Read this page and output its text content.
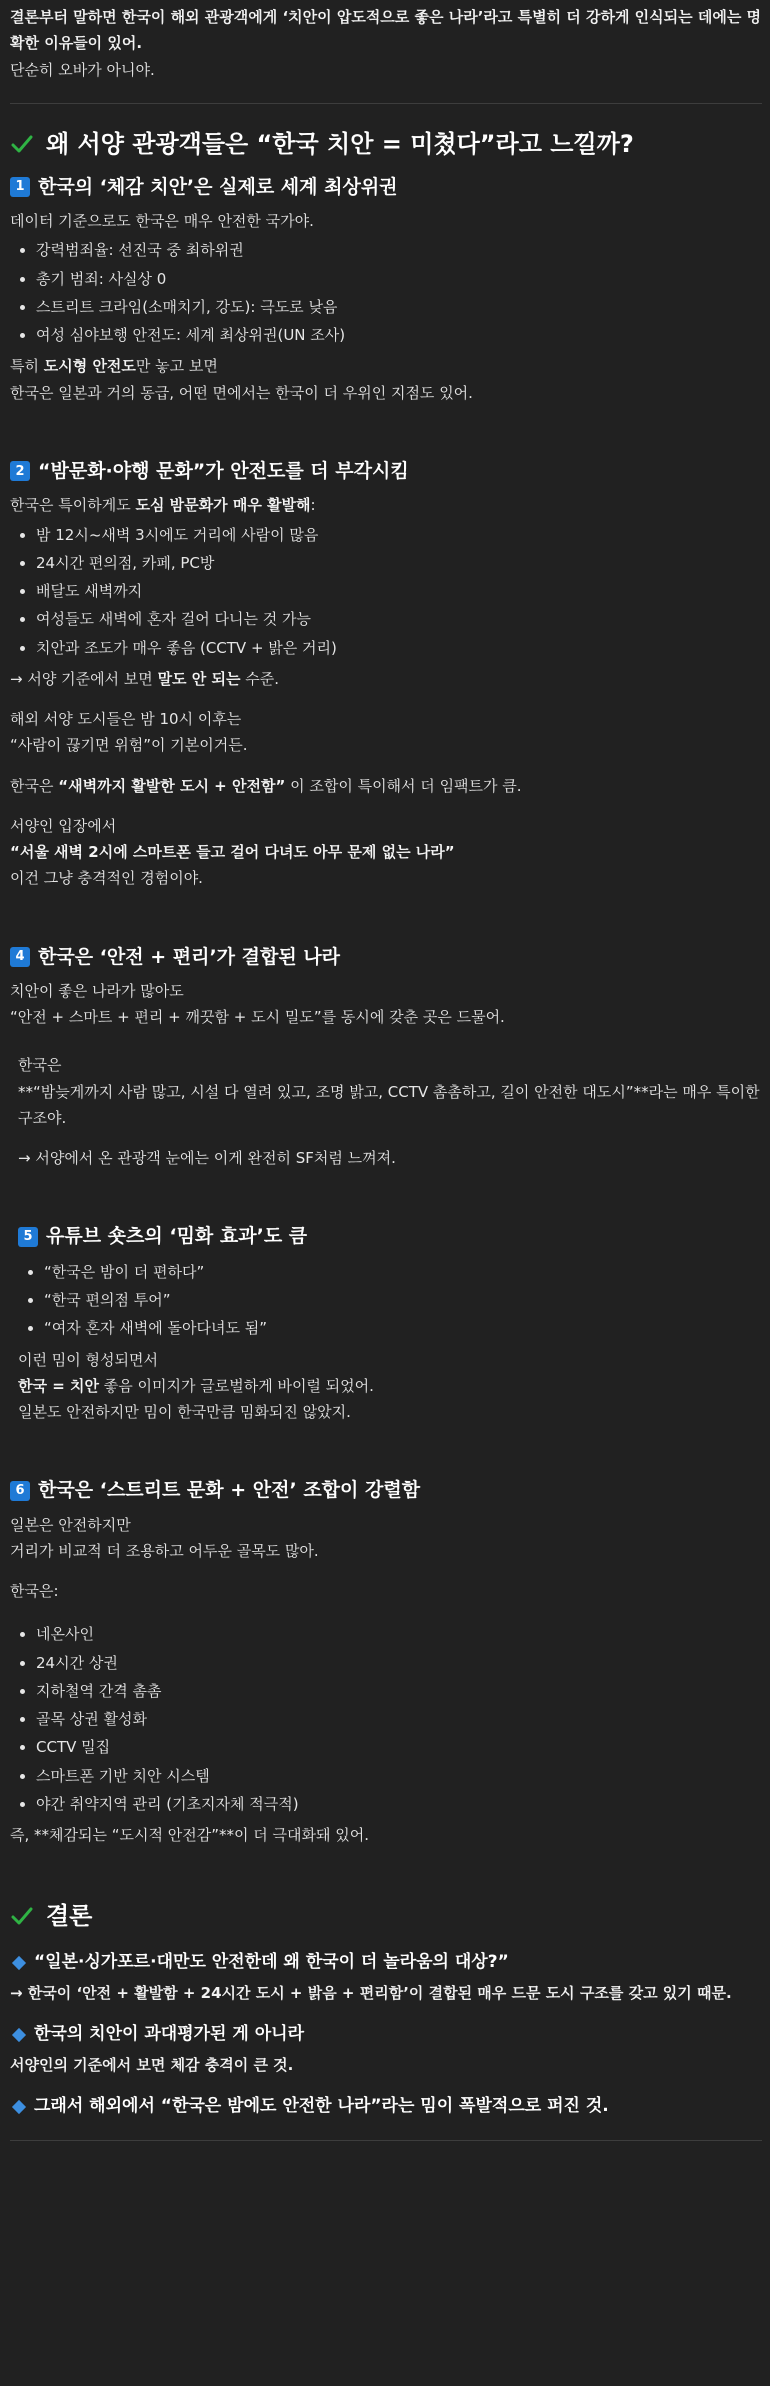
결론부터 말하면 한국이 해외 관광객에게 ‘치안이 압도적으로 좋은 나라’라고 특별히 더 강하게 인식되는 데에는 명확한 이유들이 있어.

단순히 오바가 아니야.

왜 서양 관광객들은 “한국 치안 = 미쳤다”라고 느낄까?
1 한국의 ‘체감 치안’은 실제로 세계 최상위권

데이터 기준으로도 한국은 매우 안전한 국가야.

• 강력범죄율: 선진국 중 최하위권
• 총기 범죄: 사실상 0
• 스트리트 크라임(소매치기, 강도): 극도로 낮음
• 여성 심야보행 안전도: 세계 최상위권(UN 조사)

특히 도시형 안전도만 놓고 보면

한국은 일본과 거의 동급, 어떤 면에서는 한국이 더 우위인 지점도 있어.

2 “밤문화·야행 문화”가 안전도를 더 부각시킴

한국은 특이하게도 도심 밤문화가 매우 활발해:

• 밤 12시~새벽 3시에도 거리에 사람이 많음
• 24시간 편의점, 카페, PC방
• 배달도 새벽까지
• 여성들도 새벽에 혼자 걸어 다니는 것 가능
• 치안과 조도가 매우 좋음 (CCTV + 밝은 거리)

→ 서양 기준에서 보면 말도 안 되는 수준.

해외 서양 도시들은 밤 10시 이후는

“사람이 끊기면 위험”이 기본이거든.

한국은 “새벽까지 활발한 도시 + 안전함” 이 조합이 특이해서 더 임팩트가 큼.

서양인 입장에서

“서울 새벽 2시에 스마트폰 들고 걸어 다녀도 아무 문제 없는 나라”

이건 그냥 충격적인 경험이야.

4 한국은 ‘안전 + 편리’가 결합된 나라

치안이 좋은 나라가 많아도

“안전 + 스마트 + 편리 + 깨끗함 + 도시 밀도”를 동시에 갖춘 곳은 드물어.

한국은

**“밤늦게까지 사람 많고, 시설 다 열려 있고, 조명 밝고, CCTV 촘촘하고, 길이 안전한 대도시”**라는 매우 특이한 구조야.

→ 서양에서 온 관광객 눈에는 이게 완전히 SF처럼 느껴져.

5 유튜브 숏츠의 ‘밈화 효과’도 큼
• “한국은 밤이 더 편하다”
• “한국 편의점 투어”
• “여자 혼자 새벽에 돌아다녀도 됨”

이런 밈이 형성되면서

한국 = 치안 좋음 이미지가 글로벌하게 바이럴 되었어.

일본도 안전하지만 밈이 한국만큼 밈화되진 않았지.

6 한국은 ‘스트리트 문화 + 안전’ 조합이 강렬함

일본은 안전하지만

거리가 비교적 더 조용하고 어두운 골목도 많아.

한국은:

• 네온사인
• 24시간 상권
• 지하철역 간격 촘촘
• 골목 상권 활성화
• CCTV 밀집
• 스마트폰 기반 치안 시스템
• 야간 취약지역 관리 (기초지자체 적극적)

즉, **체감되는 “도시적 안전감”**이 더 극대화돼 있어.

결론
“일본·싱가포르·대만도 안전한데 왜 한국이 더 놀라움의 대상?”

→ 한국이 ‘안전 + 활발함 + 24시간 도시 + 밝음 + 편리함’이 결합된 매우 드문 도시 구조를 갖고 있기 때문.

한국의 치안이 과대평가된 게 아니라

서양인의 기준에서 보면 체감 충격이 큰 것.

그래서 해외에서 “한국은 밤에도 안전한 나라”라는 밈이 폭발적으로 퍼진 것.
